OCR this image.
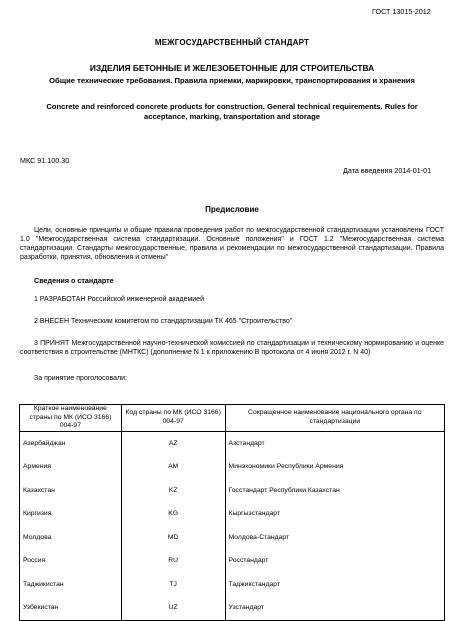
ГОСТ 13015-2012

МЕЖГОСУДАРСТВЕННЫЙ СТАНДАРТ

ИЗДЕЛИЯ БЕТОННЫЕ И ЖЕЛЕЗОБЕТОННЫЕ ДЛЯ СТРОИТЕЛЬСТВА

Общие технические требования. Правила приемки, маркировки, транспортирования и хранения

Concrete and reinforced concrete products for construction. General technical requirements. Rules for acceptance, marking, transportation and storage

МКС 91.100.30

Дата введения 2014-01-01

Предисловие

Цели, основные принципы и общие правила проведения работ по межгосударственной стандартизации установлены ГОСТ 1.0 "Межгосударственная система стандартизации. Основные положения" и ГОСТ 1.2 "Межгосударственная система стандартизации. Стандарты межгосударственные, правила и рекомендации по межгосударственной стандартизации. Правила разработки, принятия, обновления и отмены"

Сведения о стандарте

1 РАЗРАБОТАН Российской инженерной академией

2 ВНЕСЕН Техническим комитетом по стандартизации ТК 465 "Строительство"

3 ПРИНЯТ Межгосударственной научно-технической комиссией по стандартизации и техническому нормированию и оценке соответствия в строительстве (МНТКС) (дополнение N 1 к приложению В протокола от 4 июня 2012 г. N 40)

За принятие проголосовали:

Краткое наименование страны по МК (ИСО 3166) 004-97	Код страны по МК (ИСО 3166) 004-97	Сокращенное наименование национального органа по стандартизации
Азербайджан	AZ	Азстандарт
Армения	AM	Минэкономики Республики Армения
Казахстан	KZ	Госстандарт Республики Казахстан
Киргизия	KG	Кыргызстандарт
Молдова	MD	Молдова-Стандарт
Россия	RU	Росстандарт
Таджикистан	TJ	Таджикстандарт
Узбекистан	UZ	Узстандарт
